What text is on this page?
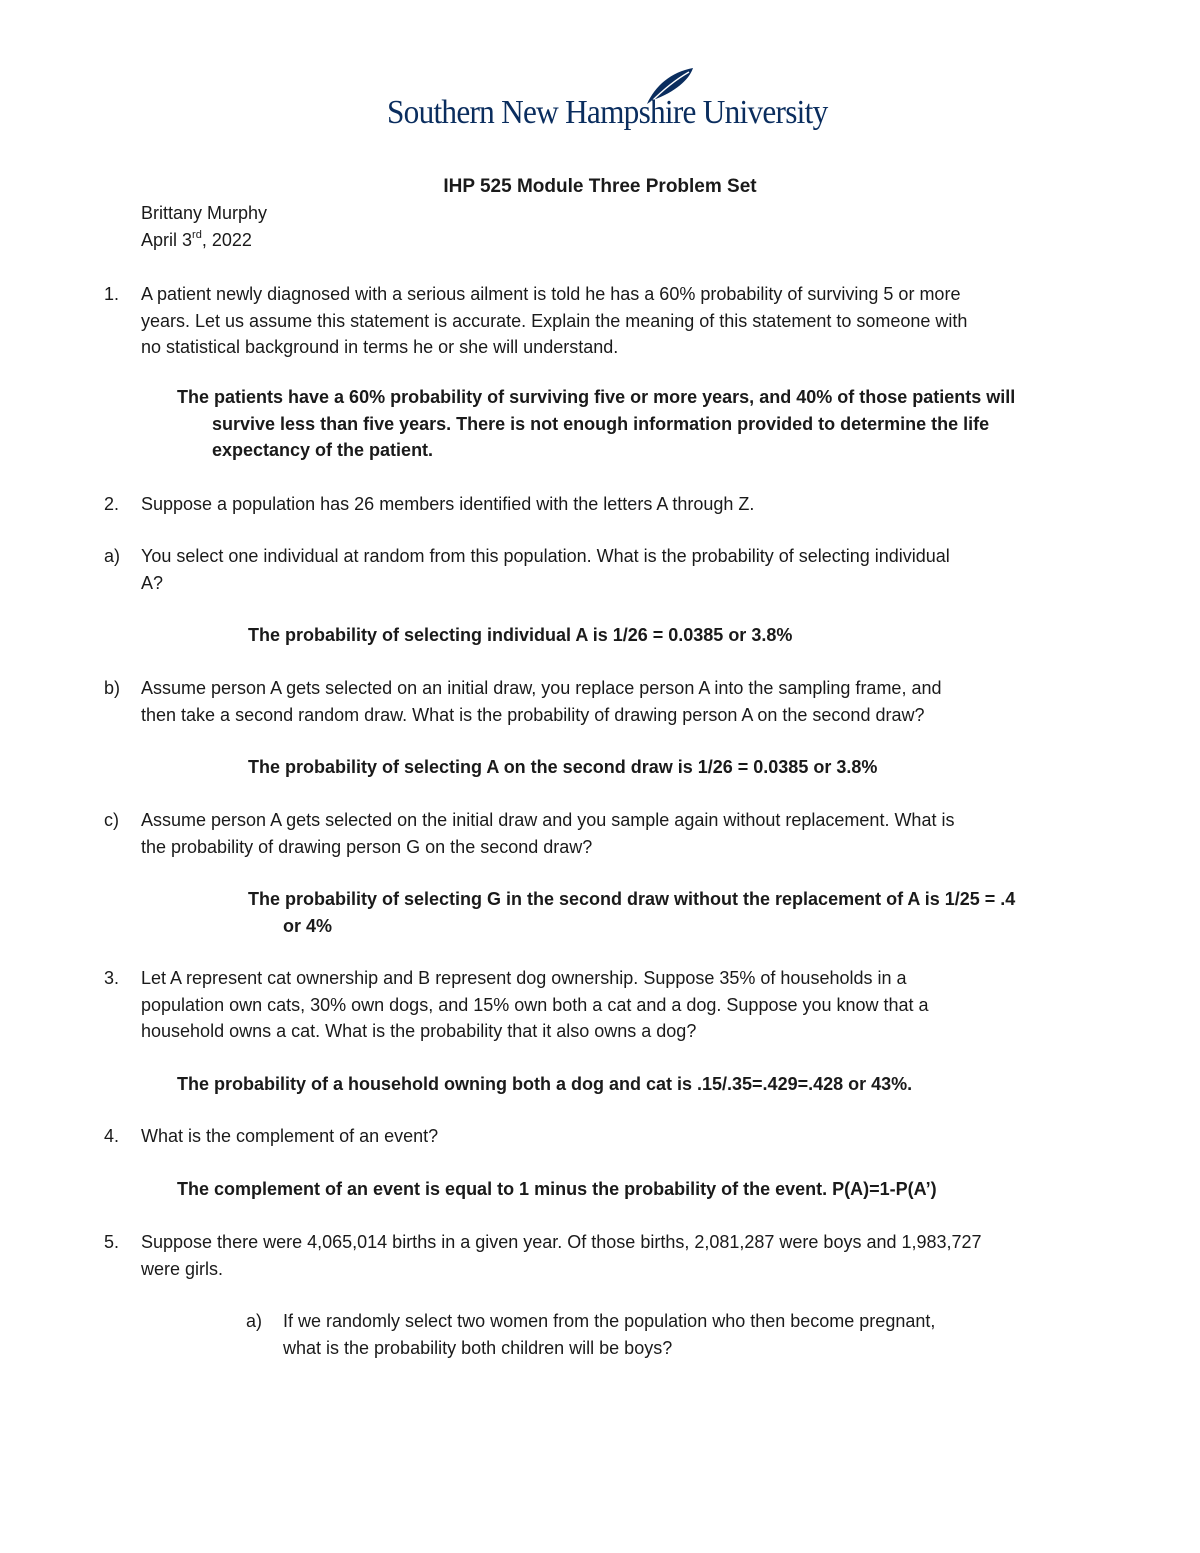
Southern New Hampshire University
IHP 525 Module Three Problem Set
Brittany Murphy
April 3rd, 2022
1. A patient newly diagnosed with a serious ailment is told he has a 60% probability of surviving 5 or more
years. Let us assume this statement is accurate. Explain the meaning of this statement to someone with
no statistical background in terms he or she will understand.
The patients have a 60% probability of surviving five or more years, and 40% of those patients will
survive less than five years. There is not enough information provided to determine the life
expectancy of the patient.
2. Suppose a population has 26 members identified with the letters A through Z.
a) You select one individual at random from this population. What is the probability of selecting individual
A?
The probability of selecting individual A is 1/26 = 0.0385 or 3.8%
b) Assume person A gets selected on an initial draw, you replace person A into the sampling frame, and
then take a second random draw. What is the probability of drawing person A on the second draw?
The probability of selecting A on the second draw is 1/26 = 0.0385 or 3.8%
c) Assume person A gets selected on the initial draw and you sample again without replacement. What is
the probability of drawing person G on the second draw?
The probability of selecting G in the second draw without the replacement of A is 1/25 = .4
or 4%
3. Let A represent cat ownership and B represent dog ownership. Suppose 35% of households in a
population own cats, 30% own dogs, and 15% own both a cat and a dog. Suppose you know that a
household owns a cat. What is the probability that it also owns a dog?
The probability of a household owning both a dog and cat is .15/.35=.429=.428 or 43%.
4. What is the complement of an event?
The complement of an event is equal to 1 minus the probability of the event. P(A)=1-P(A’)
5. Suppose there were 4,065,014 births in a given year. Of those births, 2,081,287 were boys and 1,983,727
were girls.
a) If we randomly select two women from the population who then become pregnant,
what is the probability both children will be boys?
